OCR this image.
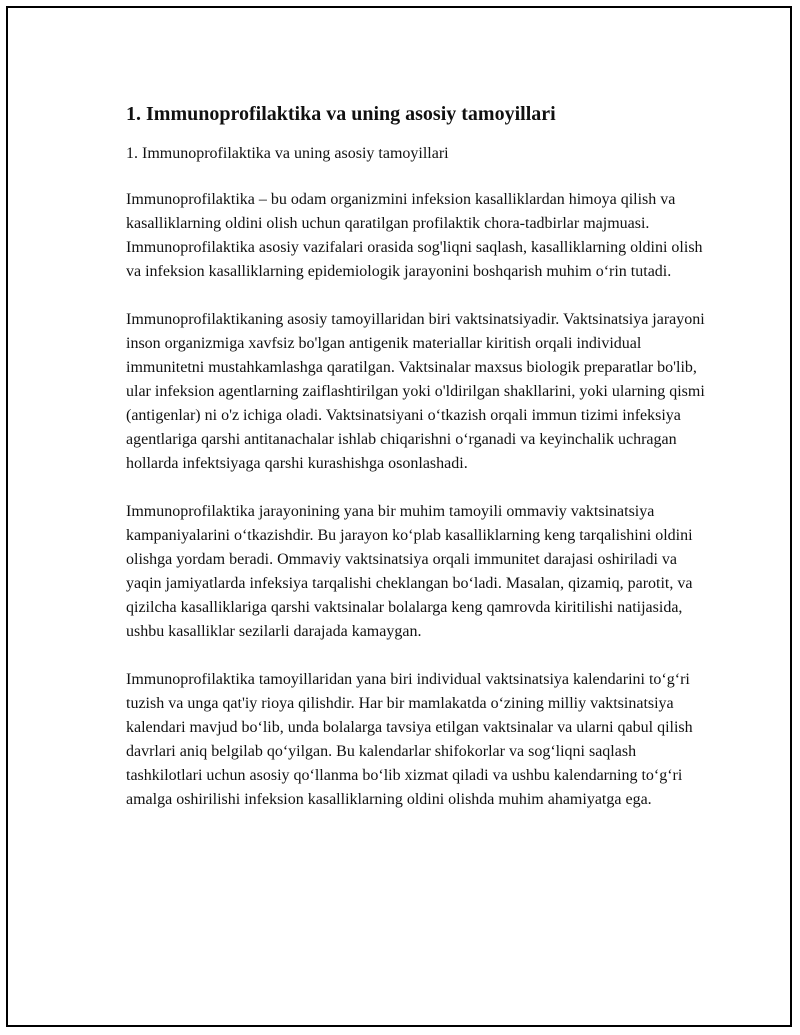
1. Immunoprofilaktika va uning asosiy tamoyillari

1. Immunoprofilaktika va uning asosiy tamoyillari

Immunoprofilaktika – bu odam organizmini infeksion kasalliklardan himoya qilish va kasalliklarning oldini olish uchun qaratilgan profilaktik chora-tadbirlar majmuasi. Immunoprofilaktika asosiy vazifalari orasida sog'liqni saqlash, kasalliklarning oldini olish va infeksion kasalliklarning epidemiologik jarayonini boshqarish muhim o‘rin tutadi.

Immunoprofilaktikaning asosiy tamoyillaridan biri vaktsinatsiyadir. Vaktsinatsiya jarayoni inson organizmiga xavfsiz bo'lgan antigenik materiallar kiritish orqali individual immunitetni mustahkamlashga qaratilgan. Vaktsinalar maxsus biologik preparatlar bo'lib, ular infeksion agentlarning zaiflashtirilgan yoki o'ldirilgan shakllarini, yoki ularning qismi (antigenlar) ni o'z ichiga oladi. Vaktsinatsiyani o‘tkazish orqali immun tizimi infeksiya agentlariga qarshi antitanachalar ishlab chiqarishni o‘rganadi va keyinchalik uchragan hollarda infektsiyaga qarshi kurashishga osonlashadi.

Immunoprofilaktika jarayonining yana bir muhim tamoyili ommaviy vaktsinatsiya kampaniyalarini o‘tkazishdir. Bu jarayon ko‘plab kasalliklarning keng tarqalishini oldini olishga yordam beradi. Ommaviy vaktsinatsiya orqali immunitet darajasi oshiriladi va yaqin jamiyatlarda infeksiya tarqalishi cheklangan bo‘ladi. Masalan, qizamiq, parotit, va qizilcha kasalliklariga qarshi vaktsinalar bolalarga keng qamrovda kiritilishi natijasida, ushbu kasalliklar sezilarli darajada kamaygan.

Immunoprofilaktika tamoyillaridan yana biri individual vaktsinatsiya kalendarini to‘g‘ri tuzish va unga qat'iy rioya qilishdir. Har bir mamlakatda o‘zining milliy vaktsinatsiya kalendari mavjud bo‘lib, unda bolalarga tavsiya etilgan vaktsinalar va ularni qabul qilish davrlari aniq belgilab qo‘yilgan. Bu kalendarlar shifokorlar va sog‘liqni saqlash tashkilotlari uchun asosiy qo‘llanma bo‘lib xizmat qiladi va ushbu kalendarning to‘g‘ri amalga oshirilishi infeksion kasalliklarning oldini olishda muhim ahamiyatga ega.
